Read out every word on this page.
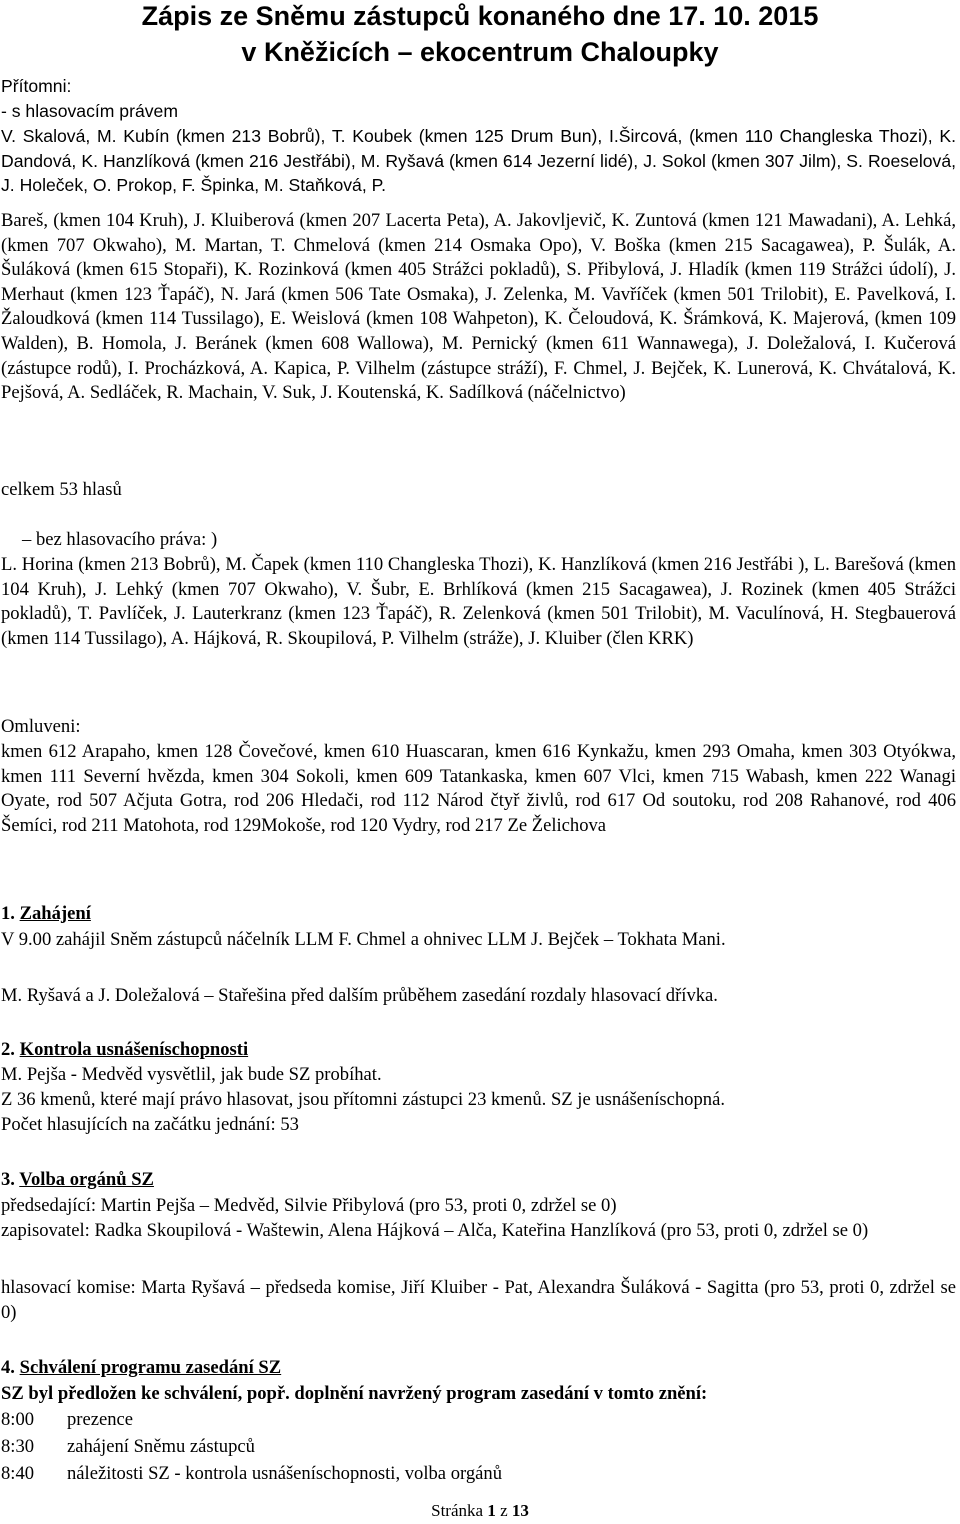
Zápis ze Sněmu zástupců konaného dne 17. 10. 2015
v Kněžicích – ekocentrum Chaloupky
Přítomni:
- s hlasovacím právem
V. Skalová, M. Kubín (kmen 213 Bobrů), T. Koubek (kmen 125 Drum Bun), I.Šircová, (kmen 110 Changleska Thozi), K. Dandová, K. Hanzlíková (kmen 216 Jestřábi), M. Ryšavá (kmen 614 Jezerní lidé), J. Sokol (kmen 307 Jilm), S. Roeselová, J. Holeček, O. Prokop, F. Špinka, M. Staňková, P.
Bareš, (kmen 104 Kruh), J. Kluiberová (kmen 207 Lacerta Peta), A. Jakovljevič, K. Zuntová (kmen 121 Mawadani), A. Lehká, (kmen 707 Okwaho), M. Martan, T. Chmelová (kmen 214 Osmaka Opo), V. Boška (kmen 215 Sacagawea), P. Šulák, A. Šuláková (kmen 615 Stopaři), K. Rozinková (kmen 405 Strážci pokladů), S. Přibylová, J. Hladík (kmen 119 Strážci údolí), J. Merhaut (kmen 123 Ťapáč), N. Jará (kmen 506 Tate Osmaka), J. Zelenka, M. Vavříček (kmen 501 Trilobit), E. Pavelková, I. Žaloudková (kmen 114 Tussilago), E. Weislová (kmen 108 Wahpeton), K. Čeloudová, K. Šrámková, K. Majerová, (kmen 109 Walden), B. Homola, J. Beránek (kmen 608 Wallowa), M. Pernický (kmen 611 Wannawega), J. Doležalová, I. Kučerová (zástupce rodů), I. Procházková, A. Kapica, P. Vilhelm (zástupce stráží), F. Chmel, J. Bejček, K. Lunerová, K. Chvátalová, K. Pejšová, A. Sedláček, R. Machain, V. Suk, J. Koutenská, K. Sadílková (náčelnictvo)
celkem 53 hlasů
– bez hlasovacího práva: )
L. Horina (kmen 213 Bobrů), M. Čapek (kmen 110 Changleska Thozi), K. Hanzlíková (kmen 216 Jestřábi ), L. Barešová (kmen 104 Kruh), J. Lehký (kmen 707 Okwaho), V. Šubr, E. Brhlíková (kmen 215 Sacagawea), J. Rozinek (kmen 405 Strážci pokladů), T. Pavlíček, J. Lauterkranz (kmen 123 Ťapáč), R. Zelenková (kmen 501 Trilobit), M. Vaculínová, H. Stegbauerová (kmen 114 Tussilago), A. Hájková, R. Skoupilová, P. Vilhelm (stráže), J. Kluiber (člen KRK)
Omluveni:
kmen 612 Arapaho, kmen 128 Čovečové, kmen 610 Huascaran, kmen 616 Kynkažu, kmen 293 Omaha, kmen 303 Otyókwa, kmen 111 Severní hvězda, kmen 304 Sokoli, kmen 609 Tatankaska, kmen 607 Vlci, kmen 715 Wabash, kmen 222 Wanagi Oyate, rod 507 Ačjuta Gotra, rod 206 Hledači, rod 112 Národ čtyř živlů, rod 617 Od soutoku, rod 208 Rahanové, rod 406 Šemíci, rod 211 Matohota, rod 129Mokoše, rod 120 Vydry, rod 217 Ze Želichova
1. Zahájení
V 9.00 zahájil Sněm zástupců náčelník LLM F. Chmel a ohnivec LLM J. Bejček – Tokhata Mani.
M. Ryšavá a J. Doležalová – Stařešina před dalším průběhem zasedání rozdaly hlasovací dřívka.
2. Kontrola usnášeníschopnosti
M. Pejša - Medvěd vysvětlil, jak bude SZ probíhat.
Z 36 kmenů, které mají právo hlasovat, jsou přítomni zástupci 23 kmenů. SZ je usnášeníschopná.
Počet hlasujících na začátku jednání: 53
3. Volba orgánů SZ
předsedající: Martin Pejša – Medvěd, Silvie Přibylová (pro 53, proti 0, zdržel se 0)
zapisovatel: Radka Skoupilová - Waštewin, Alena Hájková – Alča, Kateřina Hanzlíková (pro 53, proti 0, zdržel se 0)
hlasovací komise: Marta Ryšavá – předseda komise, Jiří Kluiber - Pat, Alexandra Šuláková - Sagitta (pro 53, proti 0, zdržel se 0)
4. Schválení programu zasedání SZ
SZ byl předložen ke schválení, popř. doplnění navržený program zasedání v tomto znění:
8:00 prezence
8:30 zahájení Sněmu zástupců
8:40 náležitosti SZ - kontrola usnášeníschopnosti, volba orgánů
Stránka 1 z 13
